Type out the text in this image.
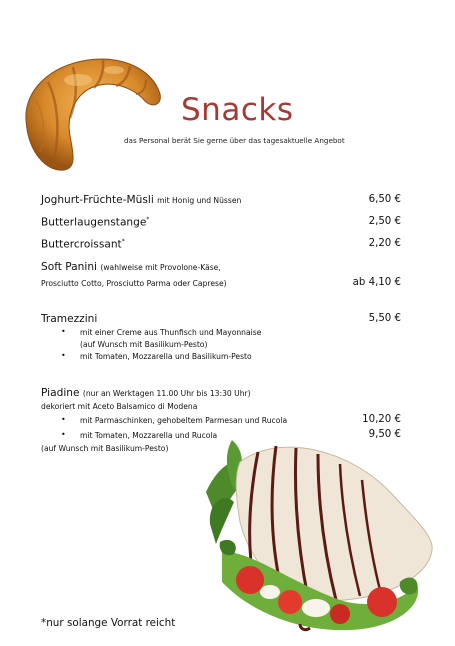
Snacks
das Personal berät Sie gerne über das tagesaktuelle Angebot
Joghurt-Früchte-Müsli mit Honig und Nüssen	6,50 €
Butterlaugenstange*	2,50 €
Buttercroissant*	2,20 €
Soft Panini (wahlweise mit Provolone-Käse,
Prosciutto Cotto, Prosciutto Parma oder Caprese)	ab 4,10 €
Tramezzini	5,50 €
• mit einer Creme aus Thunfisch und Mayonnaise
(auf Wunsch mit Basilikum-Pesto)
• mit Tomaten, Mozzarella und Basilikum-Pesto
Piadine (nur an Werktagen 11.00 Uhr bis 13:30 Uhr)
dekoriert mit Aceto Balsamico di Modena
• mit Parmaschinken, gehobeltem Parmesan und Rucola	10,20 €
• mit Tomaten, Mozzarella und Rucola	9,50 €
(auf Wunsch mit Basilikum-Pesto)
*nur solange Vorrat reicht
